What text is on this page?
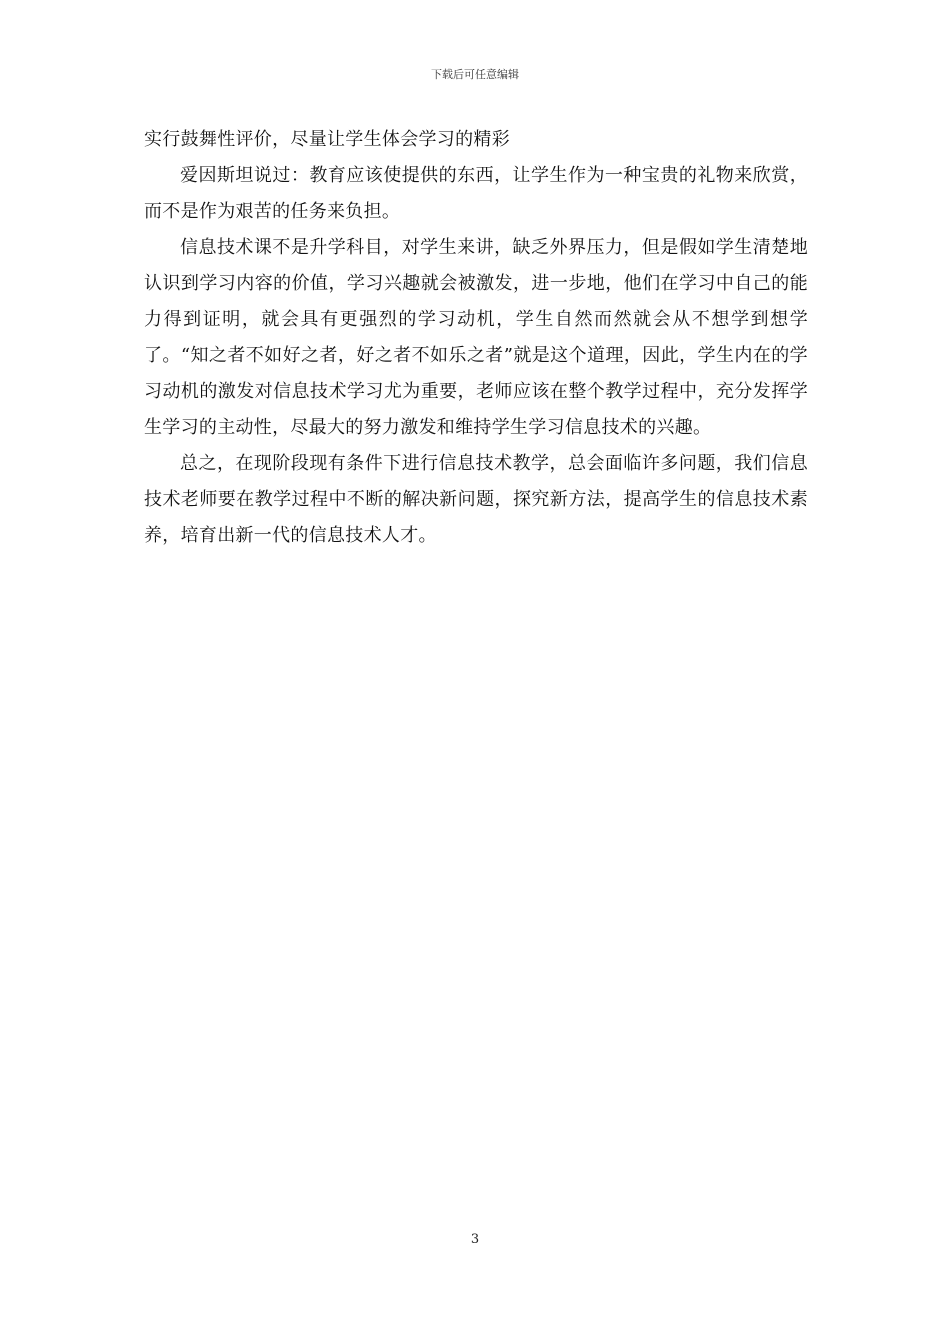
下载后可任意编辑

实行鼓舞性评价，尽量让学生体会学习的精彩

爱因斯坦说过：教育应该使提供的东西，让学生作为一种宝贵的礼物来欣赏，而不是作为艰苦的任务来负担。

信息技术课不是升学科目，对学生来讲，缺乏外界压力，但是假如学生清楚地认识到学习内容的价值，学习兴趣就会被激发，进一步地，他们在学习中自己的能力得到证明，就会具有更强烈的学习动机，学生自然而然就会从不想学到想学了。“知之者不如好之者，好之者不如乐之者”就是这个道理，因此，学生内在的学习动机的激发对信息技术学习尤为重要，老师应该在整个教学过程中，充分发挥学生学习的主动性，尽最大的努力激发和维持学生学习信息技术的兴趣。

总之，在现阶段现有条件下进行信息技术教学，总会面临许多问题，我们信息技术老师要在教学过程中不断的解决新问题，探究新方法，提高学生的信息技术素养，培育出新一代的信息技术人才。

3
